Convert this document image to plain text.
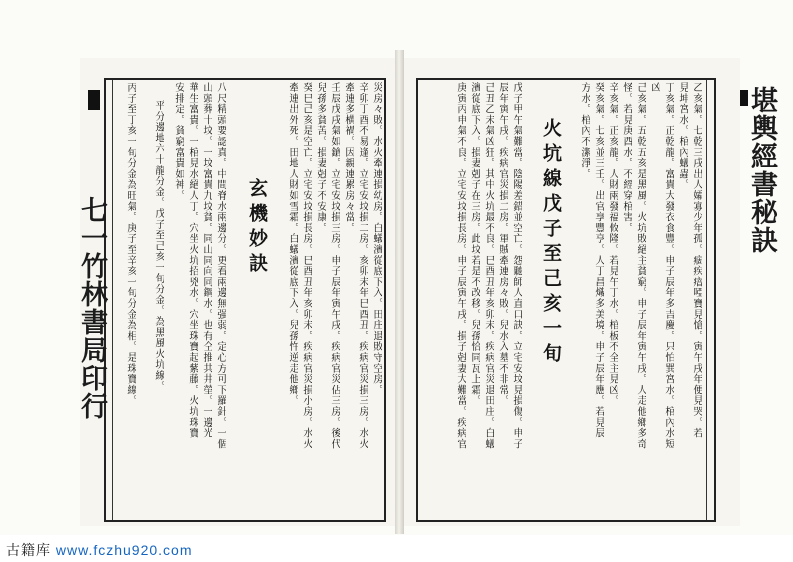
乙亥氣。七乾三戌出人孀寡少年孤。痼疾瘖啞寶見愴。寅午戌年便見哭。若
見坤宮水。棺內蟻蟲。
丁亥氣。正乾龍。富貴大發衣食豐。申子辰年多吉慶。只怕巽宮水。棺內水短
凶
己亥氣。五乾五亥是黑風。火坑敗絕主貧窮。申子辰年寅午戌。人走他鄉多奇
怪。若見庚酉水。不經穿棺害。
辛亥氣。正亥龍。人財兩發福攸隆。若見午丁水。棺板不全主見凶。
癸亥氣。七亥並三壬。出官享豐亨。人丁昌熾多美境。申子辰年應。若見辰
方水。棺內不潔淨。
火坑線戊子至己亥一旬
戊子甲午氣難當。陰陽差錯並空亡。怨聽師人直口訣。立宅安坟見損傷。申子
辰年寅午戌。疾病官災損二房。軍賊牽連房々敗。兒水入墓不非常。
己丑乙未氣凶狂。其中火坑最不良。巳酉丑年亥卯未。疾病官災退田庄。白蟻
濱從底下入。損妻剋子在三房。此坟若是不改移。兒孫恰同瓦上霜。
庚寅丙申氣不良。立宅安坟損長房。申子辰寅午戌。損子尅妻大難當。疾病官	堪輿經書秘訣
災房々敗。水火牽連損幼房。白蟻濱從底下入。田庄退敗守空房。
辛卯丁酉不易逢。立宅安坟損二房。亥卯未年巳酉丑。疾病官災損三房。水火
牽連多横禍。因親連累房々當。
壬辰戊戌氣如鎗。立宅安坟損三房。申子辰年寅午戌。疾病官災佔三房。後代
兒孫多貧苦。損妻尅子不安康。
癸巳己亥是空亡。立宅安坟損長房。巳酉丑年亥卯未。疾病官災損小房。水火
牽連出外死。田地人財如雪霜。白蟻濱從底下入。兒孫忤逆走他鄉。
玄機妙訣
八尺精頭要認真。中間脊水兩邊分。更看兩邊無强弱。定心方可下羅針。一個
山頭葬十坟。一坟富貴九坟貧。同山同向同鋼水。也有仝推共井塋。一邊光
華生富貴。一棺見水絕人丁。穴坐火坑招兇水。穴坐珠寶起紫藤。火坑珠寶
安排定。貧窮富貴如神。
平分邊地六十龍分金。戊子至己亥一旬分金。為黑風火坑線。
丙子至丁亥一旬分金為旺氣。庚子至辛亥一旬分金為相。是珠寶線。
七一竹林書局印行
古籍库 www.fczhu920.com
